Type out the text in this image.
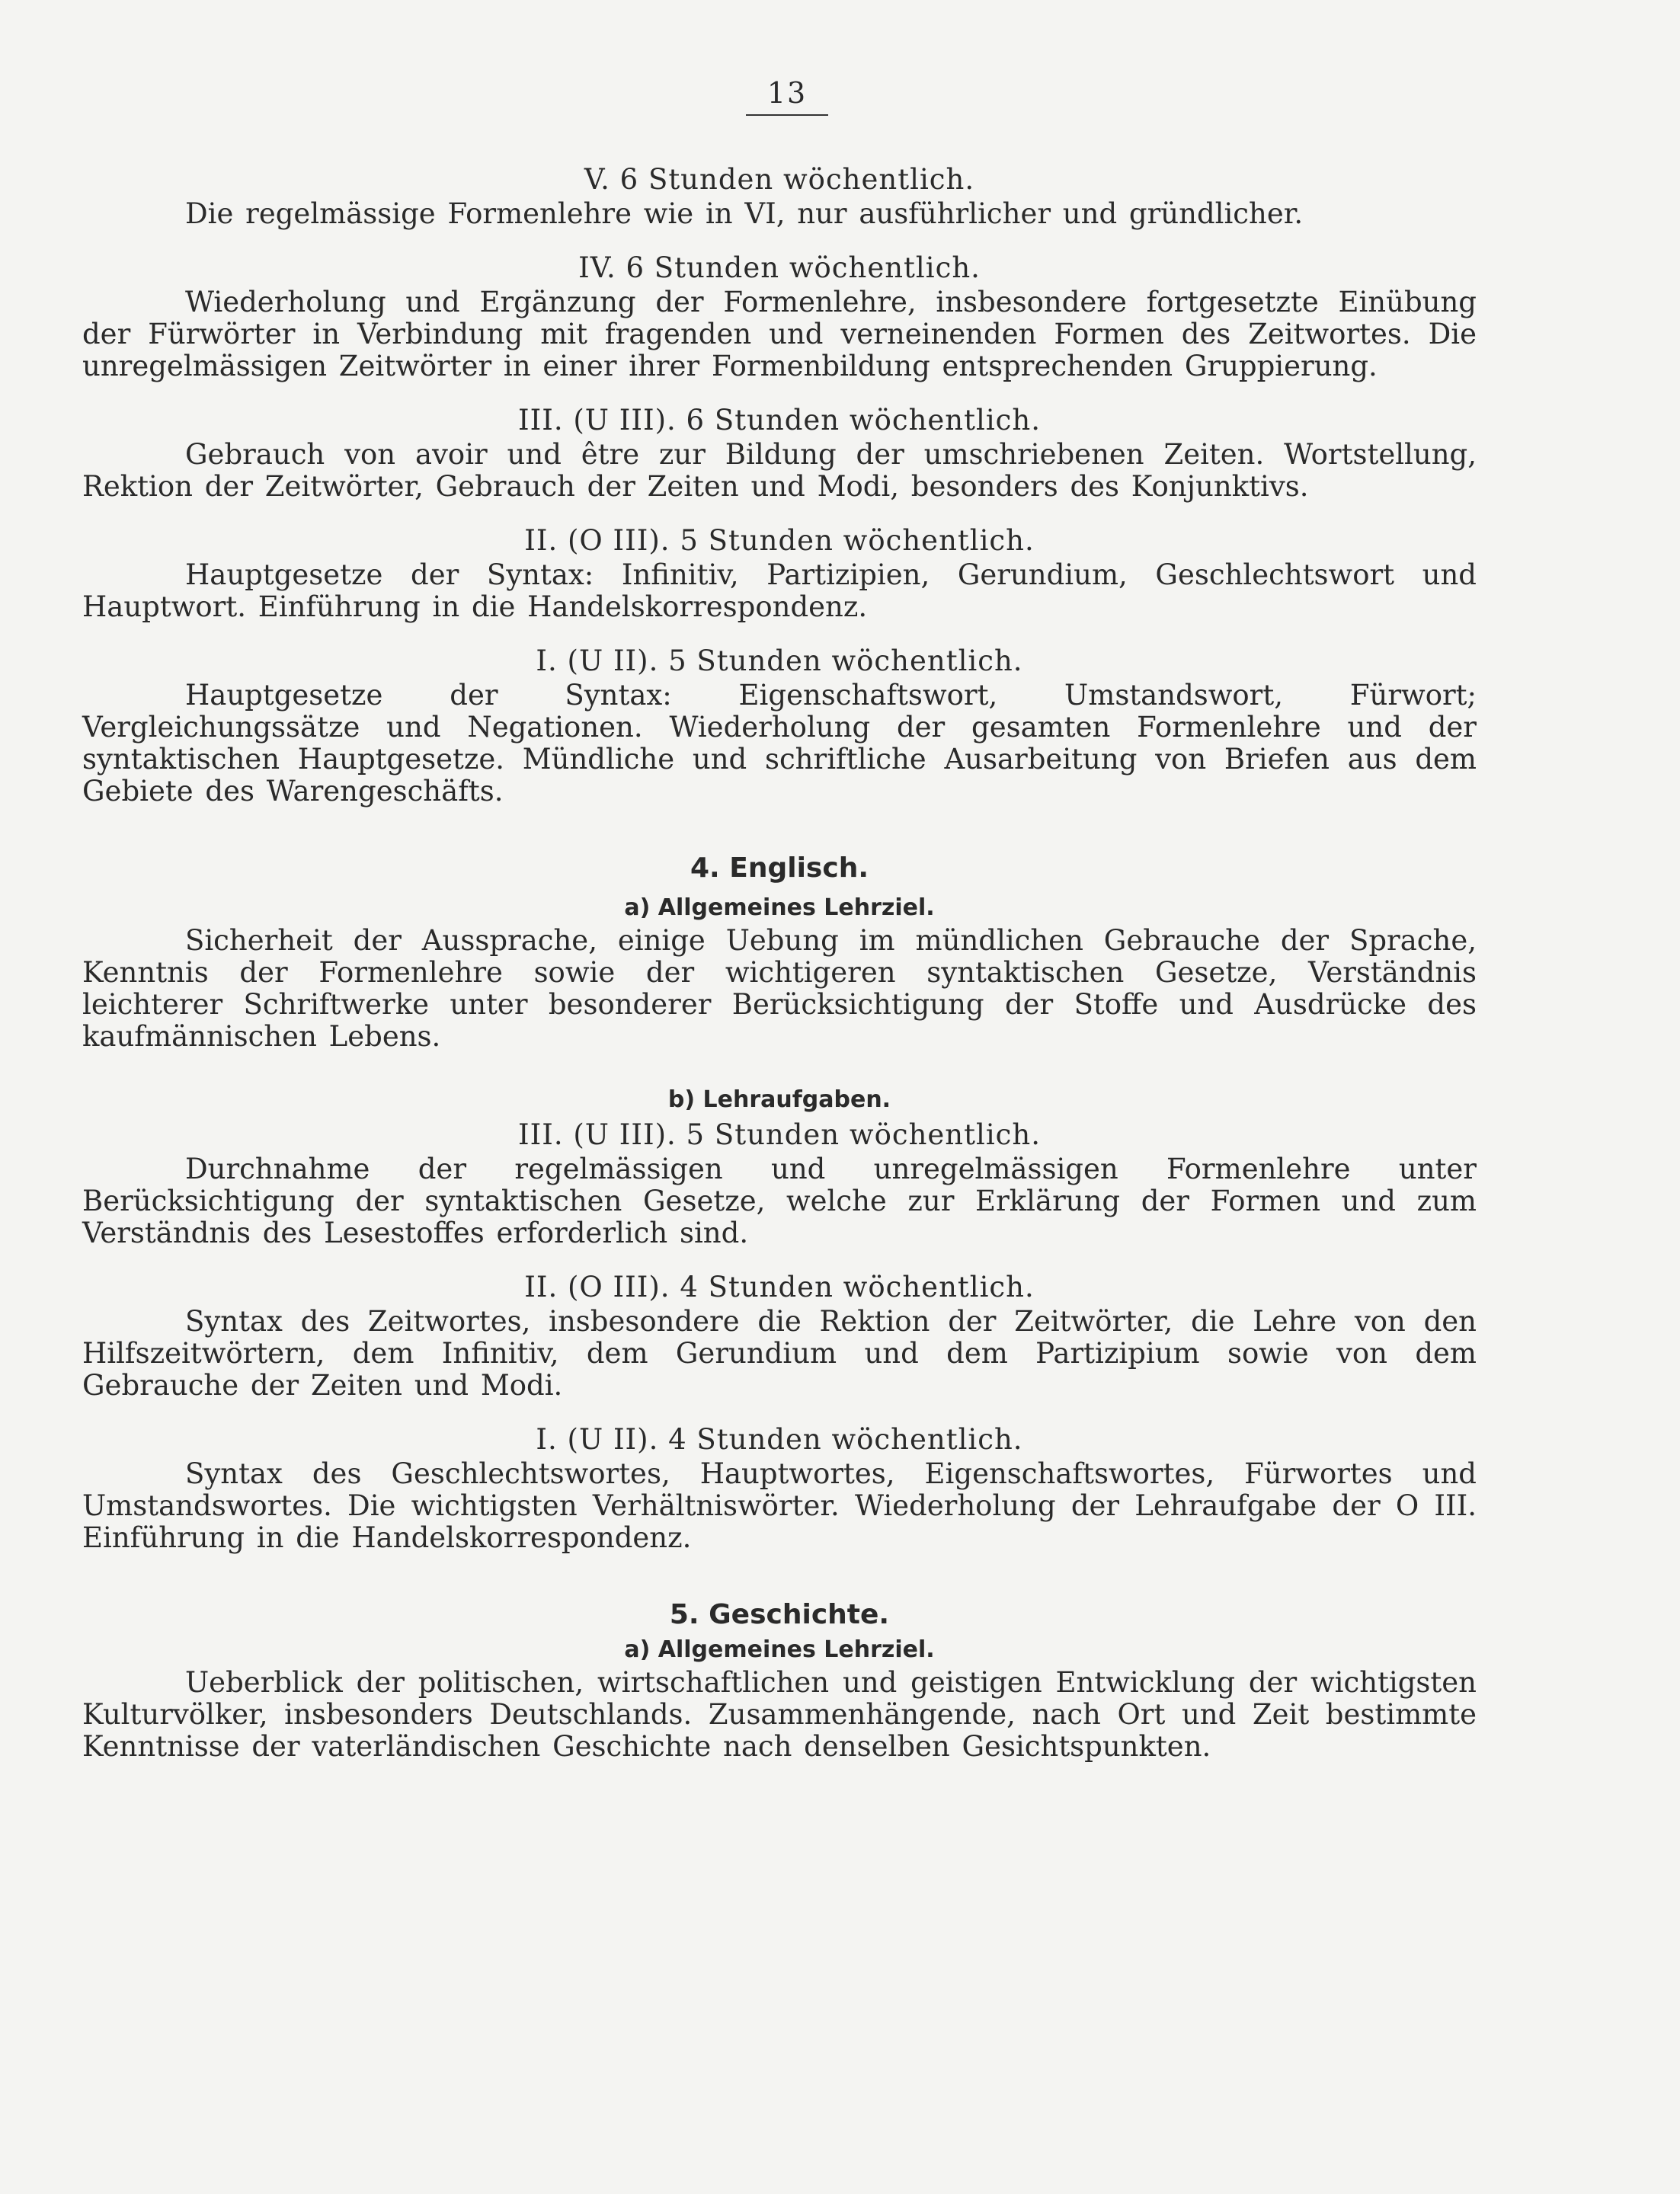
13

V. 6 Stunden wöchentlich.

Die regelmässige Formenlehre wie in VI, nur ausführlicher und gründlicher.

IV. 6 Stunden wöchentlich.

Wiederholung und Ergänzung der Formenlehre, insbesondere fortgesetzte Einübung der Fürwörter in Verbindung mit fragenden und verneinenden Formen des Zeitwortes. Die unregelmässigen Zeitwörter in einer ihrer Formenbildung entsprechenden Gruppierung.

III. (U III). 6 Stunden wöchentlich.

Gebrauch von avoir und être zur Bildung der umschriebenen Zeiten. Wortstellung, Rektion der Zeitwörter, Gebrauch der Zeiten und Modi, besonders des Konjunktivs.

II. (O III). 5 Stunden wöchentlich.

Hauptgesetze der Syntax: Infinitiv, Partizipien, Gerundium, Geschlechtswort und Hauptwort. Einführung in die Handelskorrespondenz.

I. (U II). 5 Stunden wöchentlich.

Hauptgesetze der Syntax: Eigenschaftswort, Umstandswort, Fürwort; Vergleichungssätze und Negationen. Wiederholung der gesamten Formenlehre und der syntaktischen Hauptgesetze. Mündliche und schriftliche Ausarbeitung von Briefen aus dem Gebiete des Warengeschäfts.

4. Englisch.

a) Allgemeines Lehrziel.

Sicherheit der Aussprache, einige Uebung im mündlichen Gebrauche der Sprache, Kenntnis der Formenlehre sowie der wichtigeren syntaktischen Gesetze, Verständnis leichterer Schriftwerke unter besonderer Berücksichtigung der Stoffe und Ausdrücke des kaufmännischen Lebens.

b) Lehraufgaben.

III. (U III). 5 Stunden wöchentlich.

Durchnahme der regelmässigen und unregelmässigen Formenlehre unter Berücksichtigung der syntaktischen Gesetze, welche zur Erklärung der Formen und zum Verständnis des Lesestoffes erforderlich sind.

II. (O III). 4 Stunden wöchentlich.

Syntax des Zeitwortes, insbesondere die Rektion der Zeitwörter, die Lehre von den Hilfszeitwörtern, dem Infinitiv, dem Gerundium und dem Partizipium sowie von dem Gebrauche der Zeiten und Modi.

I. (U II). 4 Stunden wöchentlich.

Syntax des Geschlechtswortes, Hauptwortes, Eigenschaftswortes, Fürwortes und Umstandswortes. Die wichtigsten Verhältniswörter. Wiederholung der Lehraufgabe der O III. Einführung in die Handelskorrespondenz.

5. Geschichte.

a) Allgemeines Lehrziel.

Ueberblick der politischen, wirtschaftlichen und geistigen Entwicklung der wichtigsten Kulturvölker, insbesonders Deutschlands. Zusammenhängende, nach Ort und Zeit bestimmte Kenntnisse der vaterländischen Geschichte nach denselben Gesichtspunkten.
